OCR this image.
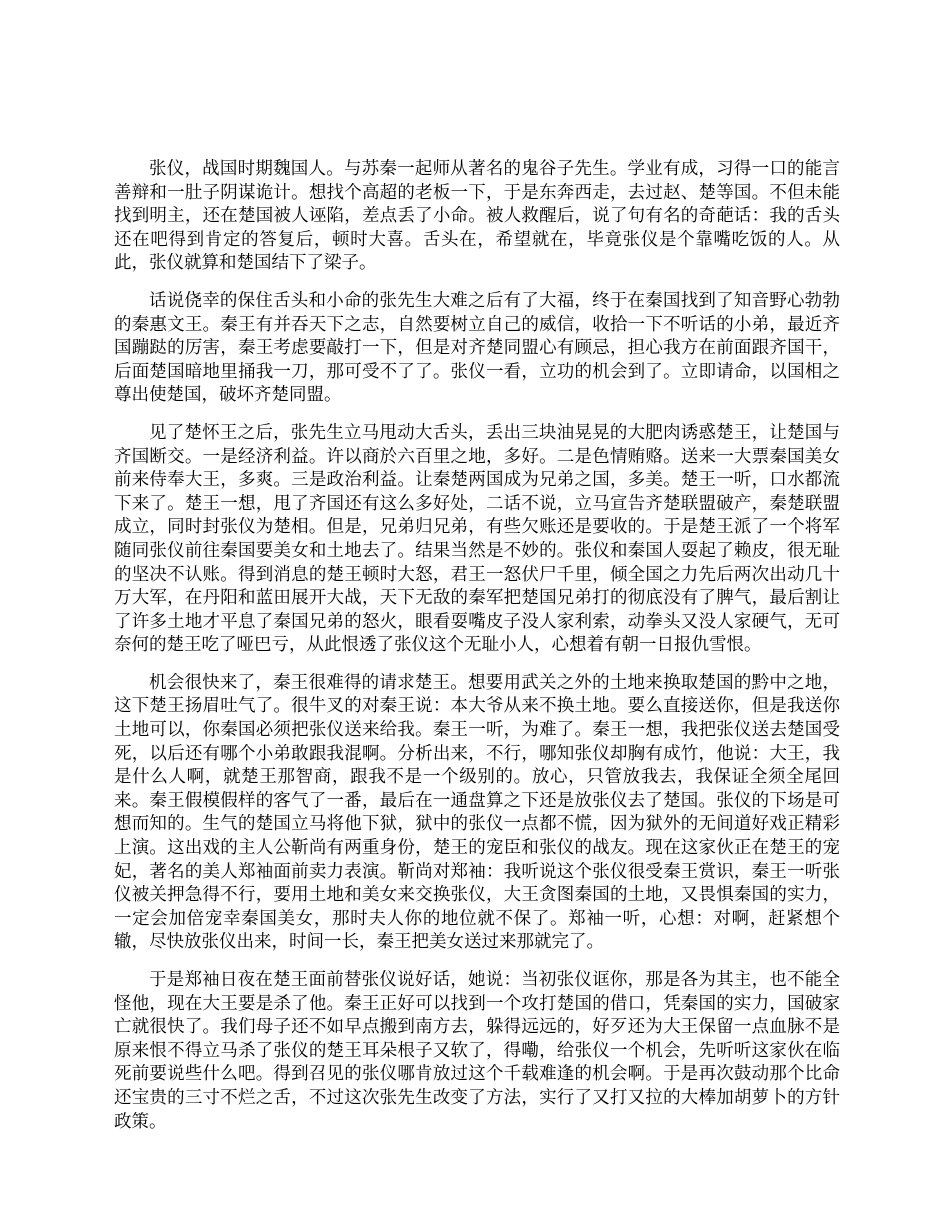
张仪，战国时期魏国人。与苏秦一起师从著名的鬼谷子先生。学业有成，习得一口的能言善辩和一肚子阴谋诡计。想找个高超的老板一下，于是东奔西走，去过赵、楚等国。不但未能找到明主，还在楚国被人诬陷，差点丢了小命。被人救醒后，说了句有名的奇葩话：我的舌头还在吧得到肯定的答复后，顿时大喜。舌头在，希望就在，毕竟张仪是个靠嘴吃饭的人。从此，张仪就算和楚国结下了梁子。

话说侥幸的保住舌头和小命的张先生大难之后有了大福，终于在秦国找到了知音野心勃勃的秦惠文王。秦王有并吞天下之志，自然要树立自己的威信，收拾一下不听话的小弟，最近齐国蹦跶的厉害，秦王考虑要敲打一下，但是对齐楚同盟心有顾忌，担心我方在前面跟齐国干，后面楚国暗地里捅我一刀，那可受不了了。张仪一看，立功的机会到了。立即请命，以国相之尊出使楚国，破坏齐楚同盟。

见了楚怀王之后，张先生立马甩动大舌头，丢出三块油晃晃的大肥肉诱惑楚王，让楚国与齐国断交。一是经济利益。许以商於六百里之地，多好。二是色情贿赂。送来一大票秦国美女前来侍奉大王，多爽。三是政治利益。让秦楚两国成为兄弟之国，多美。楚王一听，口水都流下来了。楚王一想，甩了齐国还有这么多好处，二话不说，立马宣告齐楚联盟破产，秦楚联盟成立，同时封张仪为楚相。但是，兄弟归兄弟，有些欠账还是要收的。于是楚王派了一个将军随同张仪前往秦国要美女和土地去了。结果当然是不妙的。张仪和秦国人耍起了赖皮，很无耻的坚决不认账。得到消息的楚王顿时大怒，君王一怒伏尸千里，倾全国之力先后两次出动几十万大军，在丹阳和蓝田展开大战，天下无敌的秦军把楚国兄弟打的彻底没有了脾气，最后割让了许多土地才平息了秦国兄弟的怒火，眼看耍嘴皮子没人家利索，动拳头又没人家硬气，无可奈何的楚王吃了哑巴亏，从此恨透了张仪这个无耻小人，心想着有朝一日报仇雪恨。

机会很快来了，秦王很难得的请求楚王。想要用武关之外的土地来换取楚国的黔中之地，这下楚王扬眉吐气了。很牛叉的对秦王说：本大爷从来不换土地。要么直接送你，但是我送你土地可以，你秦国必须把张仪送来给我。秦王一听，为难了。秦王一想，我把张仪送去楚国受死，以后还有哪个小弟敢跟我混啊。分析出来，不行，哪知张仪却胸有成竹，他说：大王，我是什么人啊，就楚王那智商，跟我不是一个级别的。放心，只管放我去，我保证全须全尾回来。秦王假模假样的客气了一番，最后在一通盘算之下还是放张仪去了楚国。张仪的下场是可想而知的。生气的楚国立马将他下狱，狱中的张仪一点都不慌，因为狱外的无间道好戏正精彩上演。这出戏的主人公靳尚有两重身份，楚王的宠臣和张仪的战友。现在这家伙正在楚王的宠妃，著名的美人郑袖面前卖力表演。靳尚对郑袖：我听说这个张仪很受秦王赏识，秦王一听张仪被关押急得不行，要用土地和美女来交换张仪，大王贪图秦国的土地，又畏惧秦国的实力，一定会加倍宠幸秦国美女，那时夫人你的地位就不保了。郑袖一听，心想：对啊，赶紧想个辙，尽快放张仪出来，时间一长，秦王把美女送过来那就完了。

于是郑袖日夜在楚王面前替张仪说好话，她说：当初张仪诓你，那是各为其主，也不能全怪他，现在大王要是杀了他。秦王正好可以找到一个攻打楚国的借口，凭秦国的实力，国破家亡就很快了。我们母子还不如早点搬到南方去，躲得远远的，好歹还为大王保留一点血脉不是原来恨不得立马杀了张仪的楚王耳朵根子又软了，得嘞，给张仪一个机会，先听听这家伙在临死前要说些什么吧。得到召见的张仪哪肯放过这个千载难逢的机会啊。于是再次鼓动那个比命还宝贵的三寸不烂之舌，不过这次张先生改变了方法，实行了又打又拉的大棒加胡萝卜的方针政策。
